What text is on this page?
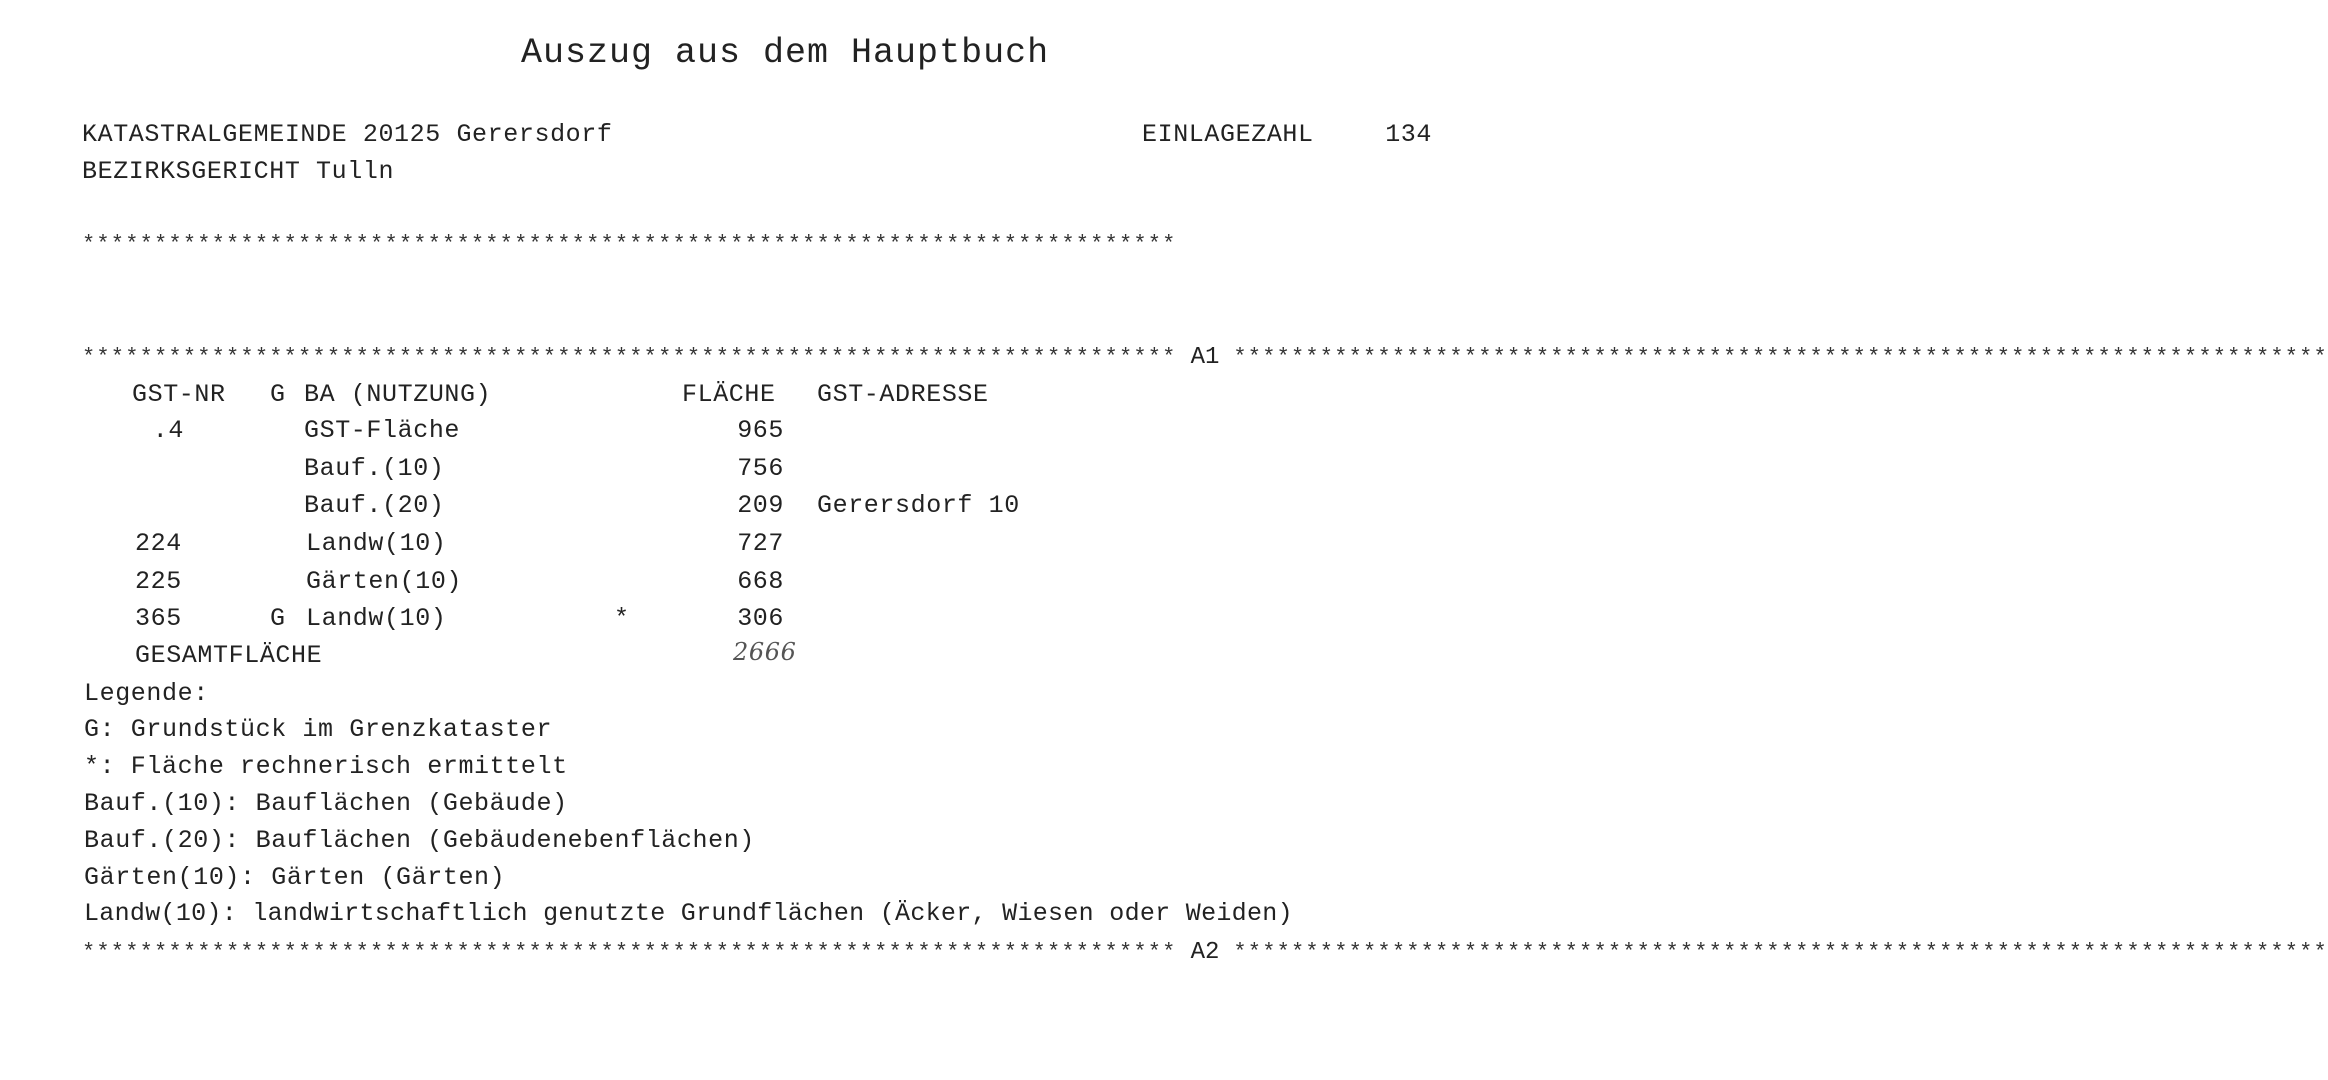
Auszug aus dem Hauptbuch
KATASTRALGEMEINDE 20125 Gerersdorf	EINLAGEZAHL	134
BEZIRKSGERICHT Tulln
****************************************************************************
**************************************************************************** A1 ****************************************************************************
GST-NR G BA (NUTZUNG)	FLÄCHE GST-ADRESSE
.4	GST-Fläche	965
Bauf.(10)	756
Bauf.(20)	209 Gerersdorf 10
224	Landw(10)	727
225	Gärten(10)	668
365	G Landw(10)	*	306
GESAMTFLÄCHE	2666
Legende:
G: Grundstück im Grenzkataster
*: Fläche rechnerisch ermittelt
Bauf.(10): Bauflächen (Gebäude)
Bauf.(20): Bauflächen (Gebäudenebenflächen)
Gärten(10): Gärten (Gärten)
Landw(10): landwirtschaftlich genutzte Grundflächen (Äcker, Wiesen oder Weiden)
**************************************************************************** A2 ****************************************************************************
